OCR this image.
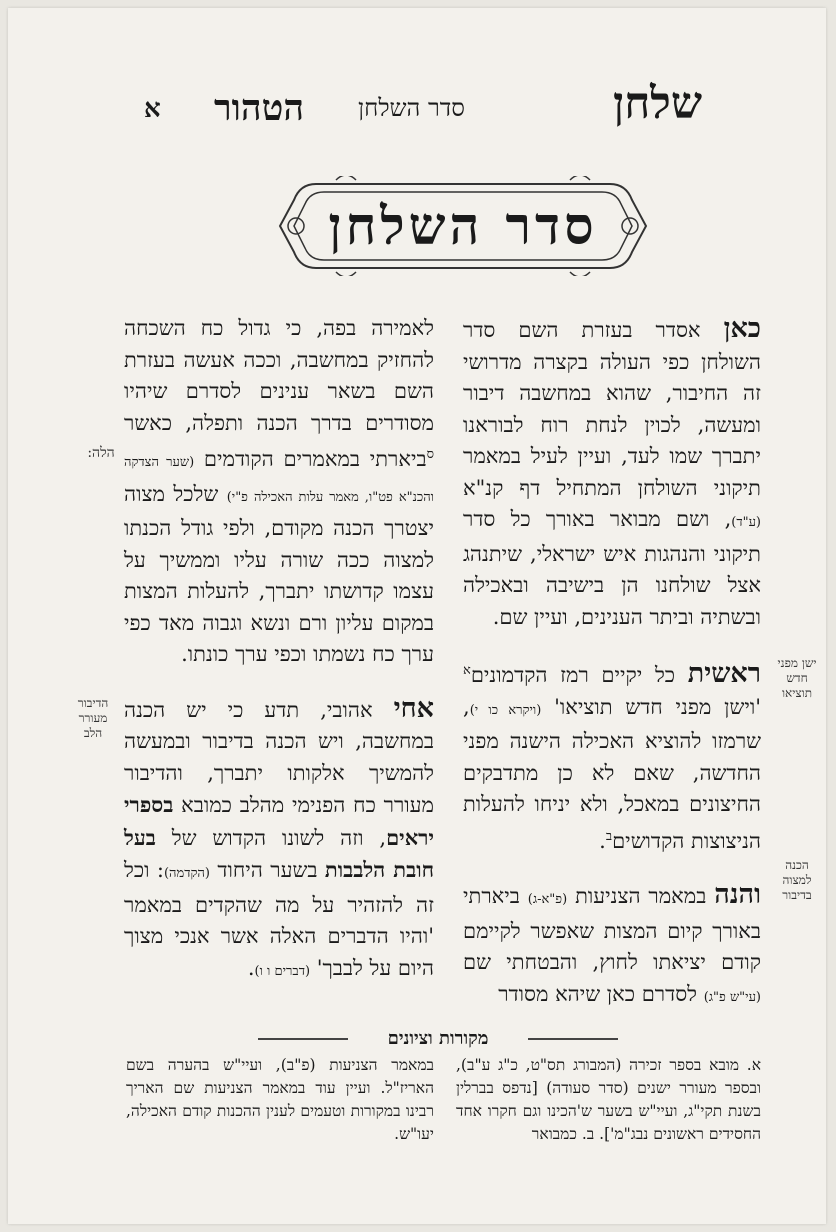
שלחן
סדר השלחן
הטהור
א
סדר השלחן

כאן אסדר בעזרת השם סדר השולחן כפי העולה בקצרה מדרושי זה החיבור, שהוא במחשבה דיבור ומעשה, לכוין לנחת רוח לבוראנו יתברך שמו לעד, ועיין לעיל במאמר תיקוני השולחן המתחיל דף קנ"א (ע"ד), ושם מבואר באורך כל סדר תיקוני והנהגות איש ישראלי, שיתנהג אצל שולחנו הן בישיבה ובאכילה ובשתיה וביתר הענינים, ועיין שם.

ראשית כל יקיים רמז הקדמונים$^א$ 'וישן מפני חדש תוציאו' (ויקרא כו י), שרמזו להוציא האכילה הישנה מפני החדשה, שאם לא כן מתדבקים החיצונים במאכל, ולא יניחו להעלות הניצוצות הקדושים$^ב$.

והנה במאמר הצניעות (פ"א-ג) ביארתי באורך קיום המצות שאפשר לקיימם קודם יציאתו לחוץ, והבטחתי שם (עי"ש פ"ג) לסדרם כאן שיהא מסודר

לאמירה בפה, כי גדול כח השכחה להחזיק במחשבה, וככה אעשה בעזרת השם בשאר ענינים לסדרם שיהיו מסודרים בדרך הכנה ותפלה, כאשר $^ס$ביארתי במאמרים הקודמים (שער הצדקה והכנ"א פט"ו, מאמר עלות האכילה פ"י) שלכל מצוה יצטרך הכנה מקודם, ולפי גודל הכנתו למצוה ככה שורה עליו וממשיך על עצמו קדושתו יתברך, להעלות המצות במקום עליון ורם ונשא וגבוה מאד כפי ערך כח נשמתו וכפי ערך כונתו.

אחי אהובי, תדע כי יש הכנה במחשבה, ויש הכנה בדיבור ובמעשה להמשיך אלקותו יתברך, והדיבור מעורר כח הפנימי מהלב כמובא בספרי יראים, וזה לשונו הקדוש של בעל חובת הלבבות בשער היחוד (הקדמה): וכל זה להזהיר על מה שהקדים במאמר 'והיו הדברים האלה אשר אנכי מצוך היום על לבבך' (דברים ו ו).

ישן מפני חדש תוציאו
הכנה למצוה בדיבור
הלה:
הדיבור מעורר הלב
מקורות וציונים

א. מובא בספר זכירה (המבורג תס"ט, כ"ג ע"ב), ובספר מעורר ישנים (סדר סעודה) [נדפס בברלין בשנת תקי"ג, ועיי"ש בשער ש'הכינו וגם חקרו אחד החסידים ראשונים נבג"מ']. ב. כמבואר

במאמר הצניעות (פ"ב), ועיי"ש בהערה בשם האריז"ל. ועיין עוד במאמר הצניעות שם האריך רבינו במקורות וטעמים לענין ההכנות קודם האכילה, יעו"ש.
